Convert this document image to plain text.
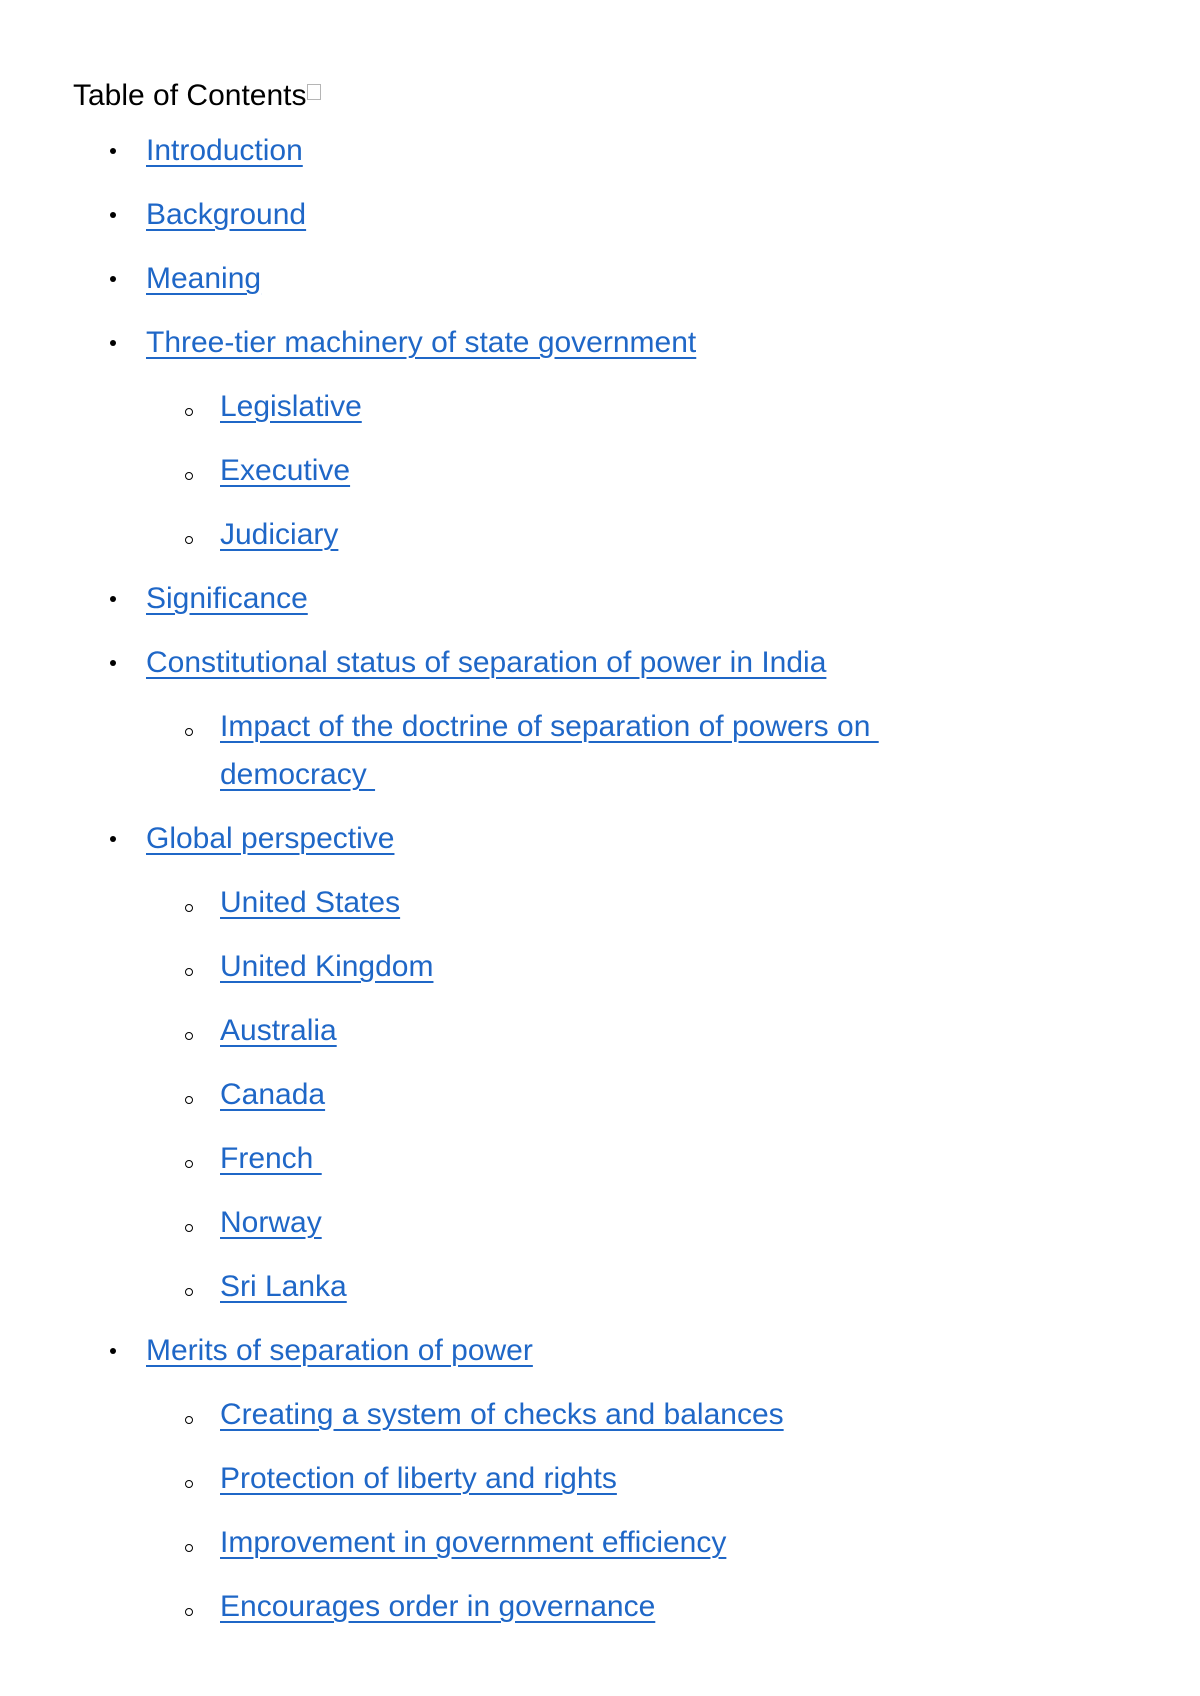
Table of Contents
Introduction
Background
Meaning
Three-tier machinery of state government
Legislative
Executive
Judiciary
Significance
Constitutional status of separation of power in India
Impact of the doctrine of separation of powers on
democracy
Global perspective
United States
United Kingdom
Australia
Canada
French
Norway
Sri Lanka
Merits of separation of power
Creating a system of checks and balances
Protection of liberty and rights
Improvement in government efficiency
Encourages order in governance
